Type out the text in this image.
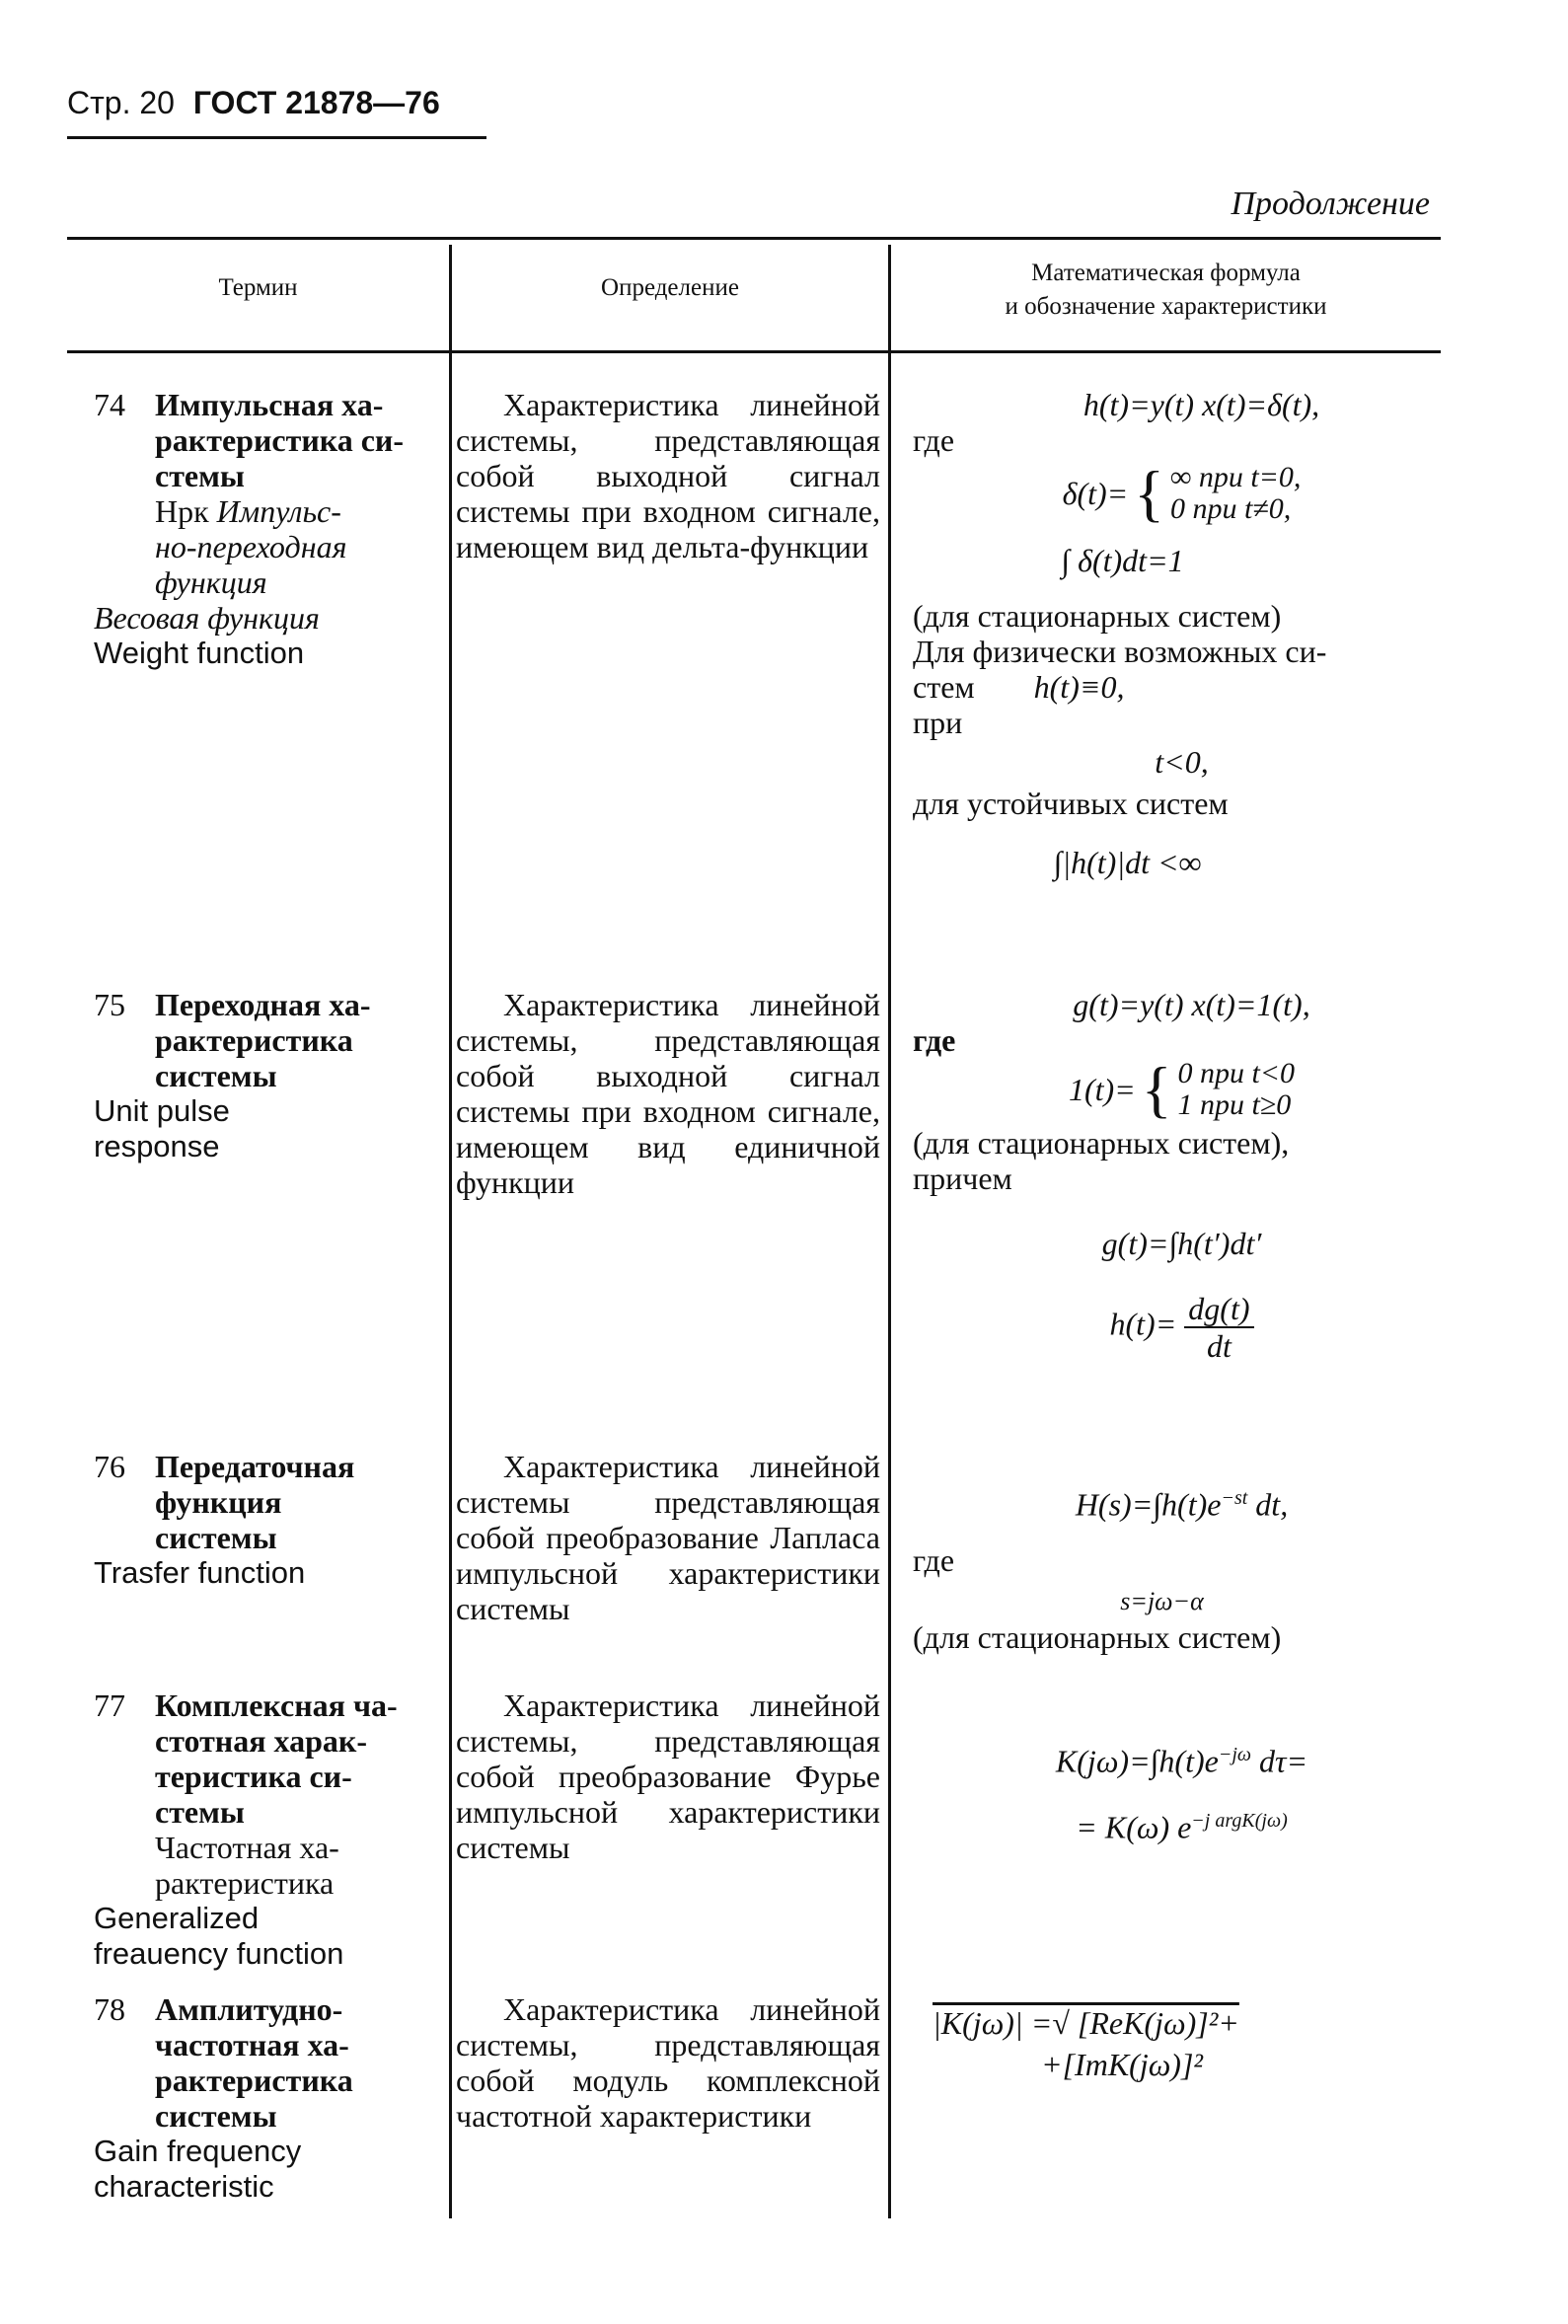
Стр. 20 ГОСТ 21878—76
Продолжение
Термин	Определение
Математическая формула
и обозначение характеристики
74 Импульсная ха-
рактеристика си-
стемы
Нрк Импульс-
но-переходная
функция
Весовая функция
Weight function
Характеристика линейной системы, представляющая собой выходной сигнал системы при входном сигнале, имеющем вид дельта-функции
h(t)=y(t) x(t)=δ(t),
где
δ(t)= { ∞ при t=0,
0 при t≠0,
∫ δ(t)dt=1
(для стационарных систем)
Для физически возможных си-
стем h(t)≡0,
при
t<0,
для устойчивых систем
∫|h(t)|dt <∞
75 Переходная ха-
рактеристика
системы
Unit pulse
response
Характеристика линейной системы, представляющая собой выходной сигнал системы при входном сигнале, имеющем вид единичной функции
g(t)=y(t) x(t)=1(t),
где
1(t)= { 0 при t<0
1 при t≥0
(для стационарных систем),
причем
g(t)=∫h(t′)dt′
$h(t)= \frac{dg(t)}{dt}$
76 Передаточная
функция
системы
Trasfer function
Характеристика линейной системы представляющая собой преобразование Лапласа импульсной характеристики системы
$H(s)=\int h(t)e^{-st}$ dt,
где
s=jω−α
(для стационарных систем)
77 Комплексная ча-
стотная харак-
теристика си-
стемы
Частотная ха-
рактеристика
Generalized
freauency function
Характеристика линейной системы, представляющая собой преобразование Фурье импульсной характеристики системы
$K(j\omega)=\int h(t)e^{-j\omega}$ dτ=
= K(ω) $e^{-j argK(j\omega)}$
78 Амплитудно-
частотная ха-
рактеристика
системы
Gain frequency
characteristic
Характеристика линейной системы, представляющая собой модуль комплексной частотной характеристики
|K(jω)| =√ [ReK(jω)]²+
+[ImK(jω)]²
